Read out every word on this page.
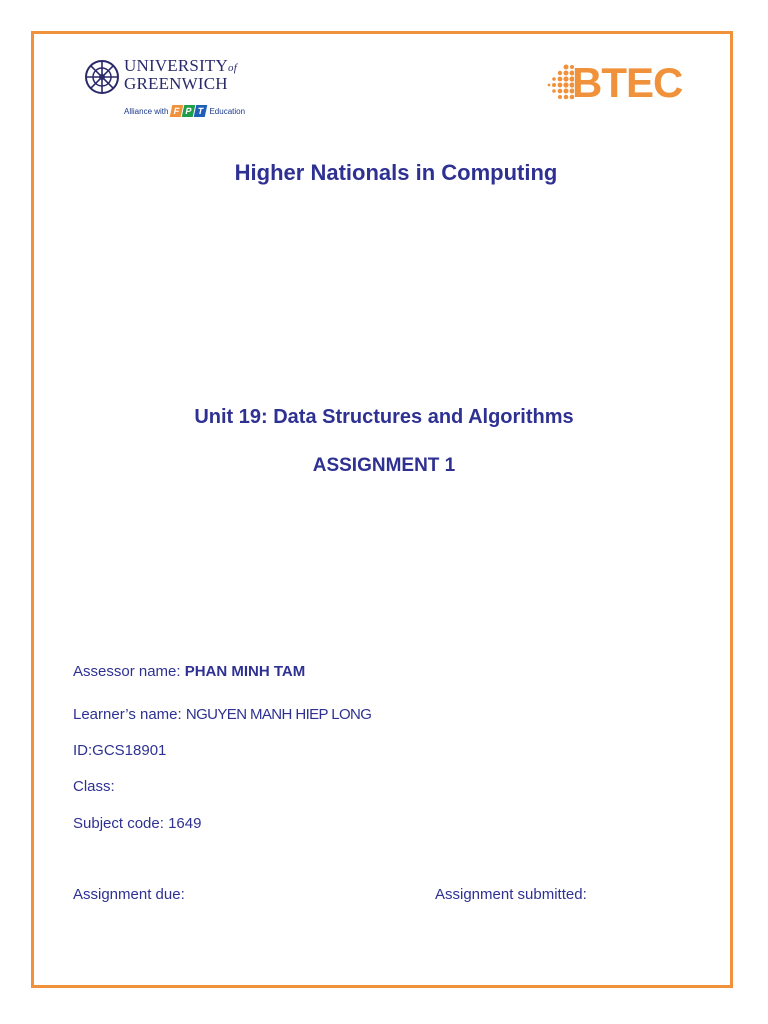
UNIVERSITYof
GREENWICH
Alliance with F P T Education
BTEC
Higher Nationals in Computing
Unit 19: Data Structures and Algorithms
ASSIGNMENT 1
Assessor name: PHAN MINH TAM
Learner’s name: NGUYEN MANH HIEP LONG
ID:GCS18901
Class:
Subject code: 1649
Assignment due:	Assignment submitted:
